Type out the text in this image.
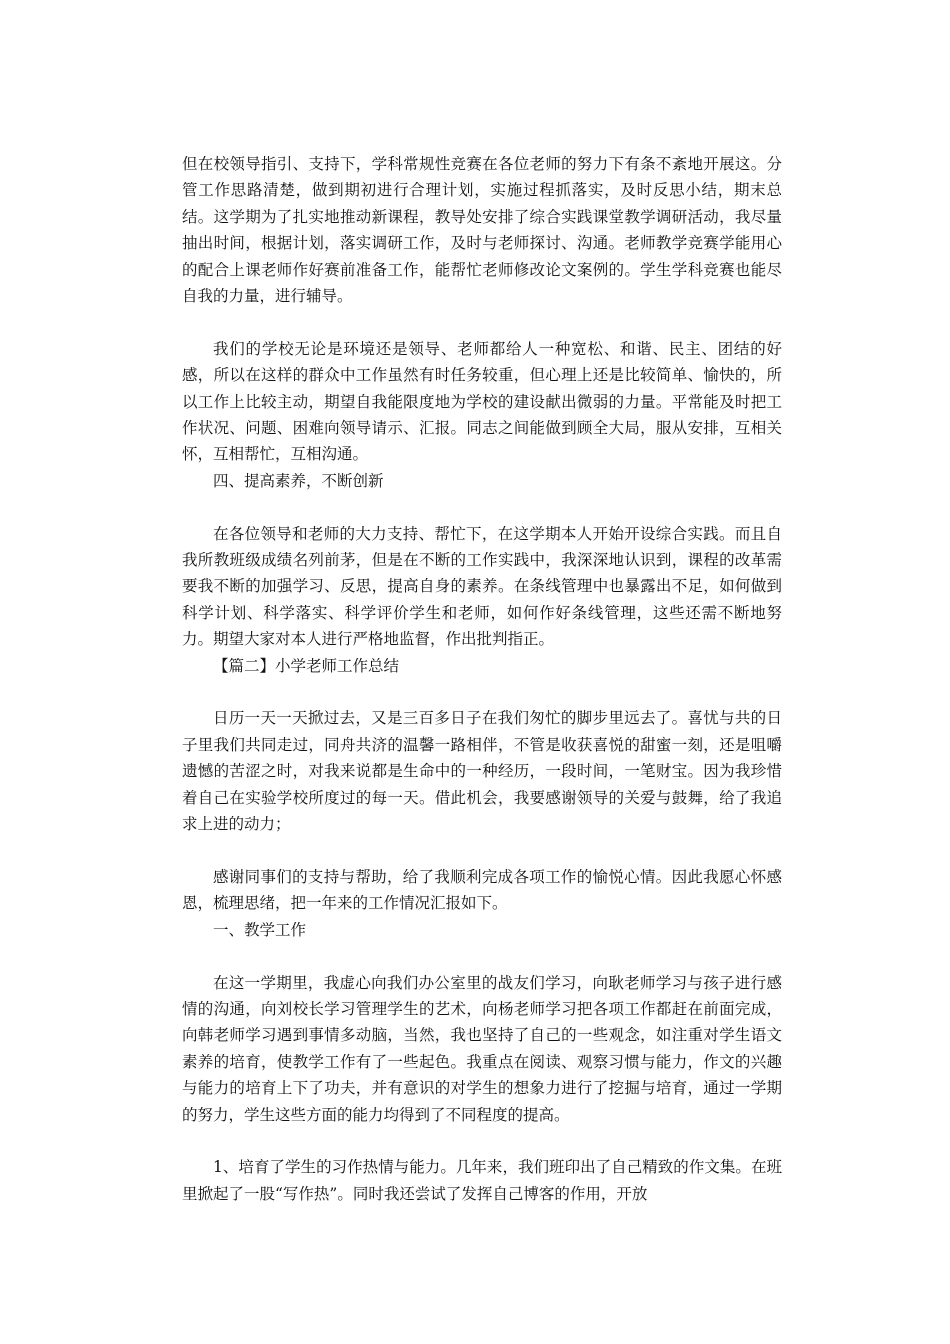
但在校领导指引、支持下，学科常规性竞赛在各位老师的努力下有条不紊地开展这。分管工作思路清楚，做到期初进行合理计划，实施过程抓落实，及时反思小结，期末总结。这学期为了扎实地推动新课程，教导处安排了综合实践课堂教学调研活动，我尽量抽出时间，根据计划，落实调研工作，及时与老师探讨、沟通。老师教学竞赛学能用心的配合上课老师作好赛前准备工作，能帮忙老师修改论文案例的。学生学科竞赛也能尽自我的力量，进行辅导。

我们的学校无论是环境还是领导、老师都给人一种宽松、和谐、民主、团结的好感，所以在这样的群众中工作虽然有时任务较重，但心理上还是比较简单、愉快的，所以工作上比较主动，期望自我能限度地为学校的建设献出微弱的力量。平常能及时把工作状况、问题、困难向领导请示、汇报。同志之间能做到顾全大局，服从安排，互相关怀，互相帮忙，互相沟通。

四、提高素养，不断创新

在各位领导和老师的大力支持、帮忙下，在这学期本人开始开设综合实践。而且自我所教班级成绩名列前茅，但是在不断的工作实践中，我深深地认识到，课程的改革需要我不断的加强学习、反思，提高自身的素养。在条线管理中也暴露出不足，如何做到科学计划、科学落实、科学评价学生和老师，如何作好条线管理，这些还需不断地努力。期望大家对本人进行严格地监督，作出批判指正。

【篇二】小学老师工作总结

日历一天一天掀过去，又是三百多日子在我们匆忙的脚步里远去了。喜忧与共的日子里我们共同走过，同舟共济的温馨一路相伴，不管是收获喜悦的甜蜜一刻，还是咀嚼遗憾的苦涩之时，对我来说都是生命中的一种经历，一段时间，一笔财宝。因为我珍惜着自己在实验学校所度过的每一天。借此机会，我要感谢领导的关爱与鼓舞，给了我追求上进的动力；

感谢同事们的支持与帮助，给了我顺利完成各项工作的愉悦心情。因此我愿心怀感恩，梳理思绪，把一年来的工作情况汇报如下。

一、教学工作

在这一学期里，我虚心向我们办公室里的战友们学习，向耿老师学习与孩子进行感情的沟通，向刘校长学习管理学生的艺术，向杨老师学习把各项工作都赶在前面完成，向韩老师学习遇到事情多动脑，当然，我也坚持了自己的一些观念，如注重对学生语文素养的培育，使教学工作有了一些起色。我重点在阅读、观察习惯与能力，作文的兴趣与能力的培育上下了功夫，并有意识的对学生的想象力进行了挖掘与培育，通过一学期的努力，学生这些方面的能力均得到了不同程度的提高。

1、培育了学生的习作热情与能力。几年来，我们班印出了自己精致的作文集。在班里掀起了一股“写作热”。同时我还尝试了发挥自己博客的作用，开放
